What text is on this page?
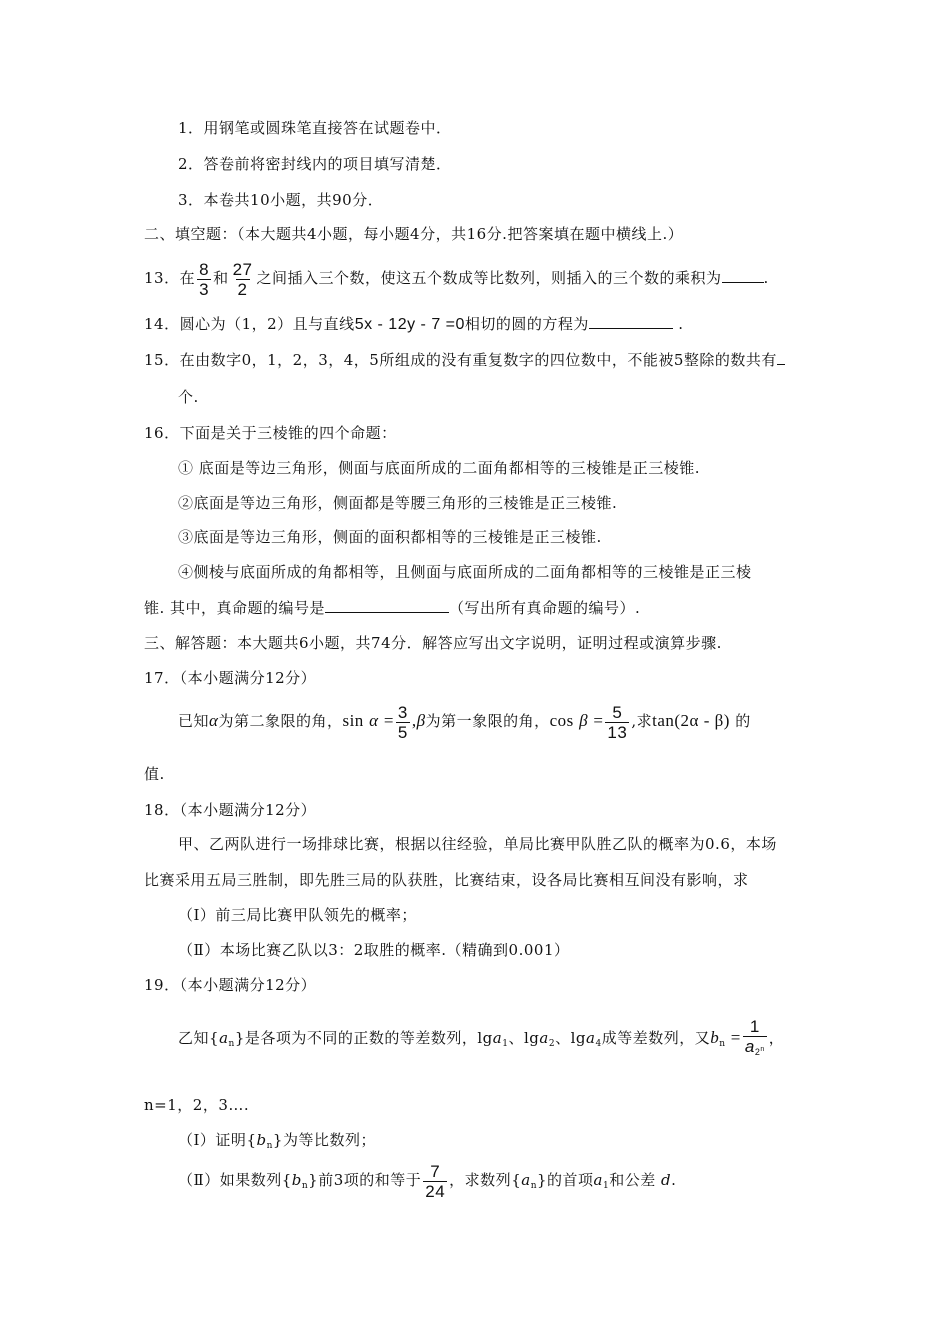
1．用钢笔或圆珠笔直接答在试题卷中．
2．答卷前将密封线内的项目填写清楚．
3．本卷共10小题，共90分．
二、填空题：（本大题共4小题，每小题4分，共16分.把答案填在题中横线上.）
13．在 $\frac{8}{3}$ 和 $\frac{27}{2}$ 之间插入三个数，使这五个数成等比数列，则插入的三个数的乘积为	.
14．圆心为（1，2）且与直线5x - 12y - 7 =0相切的圆的方程为	.
15．在由数字0，1，2，3，4，5所组成的没有重复数字的四位数中，不能被5整除的数共有
个.
16．下面是关于三棱锥的四个命题：
① 底面是等边三角形，侧面与底面所成的二面角都相等的三棱锥是正三棱锥.
②底面是等边三角形，侧面都是等腰三角形的三棱锥是正三棱锥.
③底面是等边三角形，侧面的面积都相等的三棱锥是正三棱锥.
④侧棱与底面所成的角都相等，且侧面与底面所成的二面角都相等的三棱锥是正三棱
锥. 其中，真命题的编号是	（写出所有真命题的编号）.
三、解答题：本大题共6小题，共74分．解答应写出文字说明，证明过程或演算步骤.
17．（本小题满分12分）
已知α为第二象限的角，$\sin \alpha = \frac{3}{5} ,\beta$为第一象限的角，$\cos \beta = \frac{5}{13}$ ,求tan(2α - β) 的
值.
18．（本小题满分12分）
甲、乙两队进行一场排球比赛，根据以往经验，单局比赛甲队胜乙队的概率为0.6，本场
比赛采用五局三胜制，即先胜三局的队获胜，比赛结束，设各局比赛相互间没有影响，求
（Ⅰ）前三局比赛甲队领先的概率；
（Ⅱ）本场比赛乙队以3：2取胜的概率.（精确到0.001）
19．（本小题满分12分）
乙知$\{a_n\}$是各项为不同的正数的等差数列，lga$_1$、lga$_2$、lga$_4$成等差数列，又$b_n = \frac{1}{a_{2^n}}$ ，
n=1，2，3….
（Ⅰ）证明$\{b_n\}$为等比数列；
（Ⅱ）如果数列$\{b_n\}$前3项的和等于 $\frac{7}{24}$ ，求数列$\{a_n\}$的首项$a_1$和公差 d.
